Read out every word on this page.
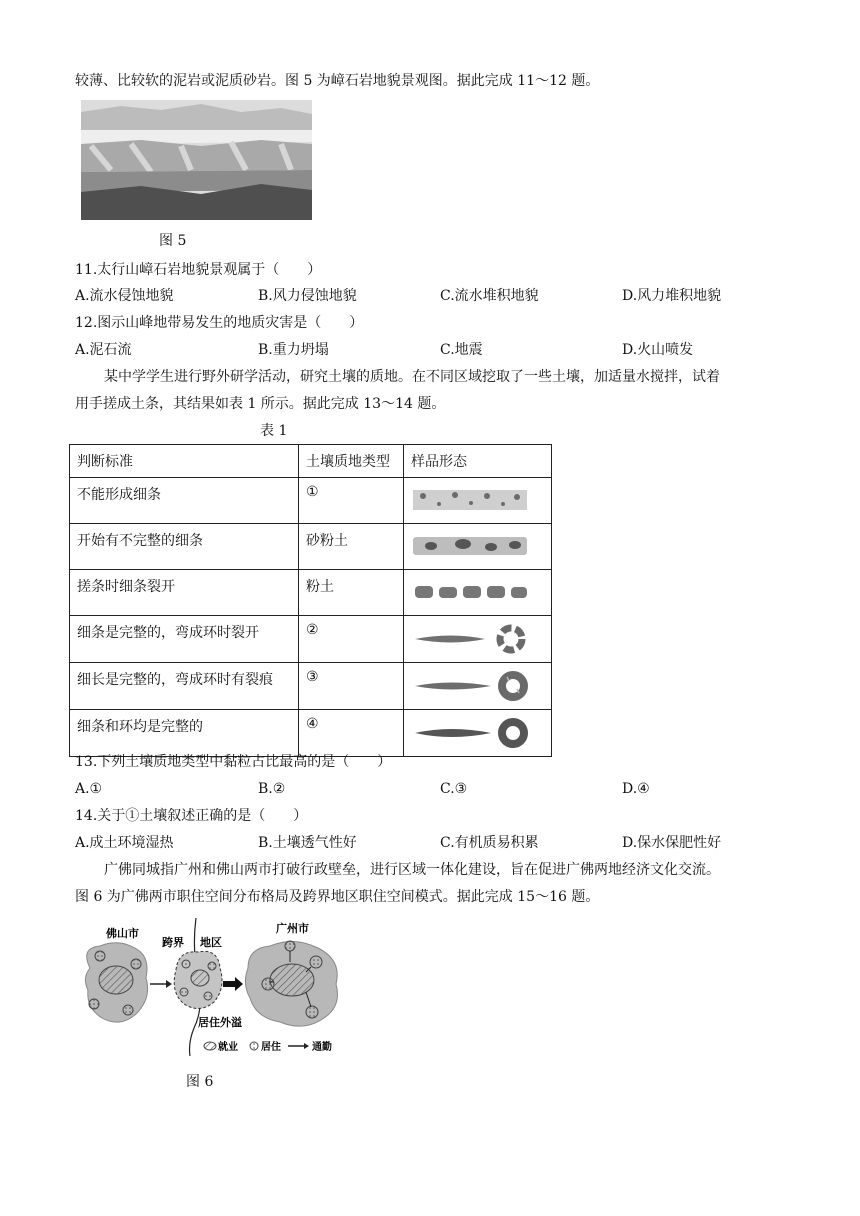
较薄、比较软的泥岩或泥质砂岩。图 5 为嶂石岩地貌景观图。据此完成 11～12 题。
图 5
11.太行山嶂石岩地貌景观属于（　　）
A.流水侵蚀地貌	B.风力侵蚀地貌	C.流水堆积地貌	D.风力堆积地貌
12.图示山峰地带易发生的地质灾害是（　　）
A.泥石流	B.重力坍塌	C.地震	D.火山喷发
某中学学生进行野外研学活动，研究土壤的质地。在不同区域挖取了一些土壤，加适量水搅拌，试着
用手搓成土条，其结果如表 1 所示。据此完成 13～14 题。
表 1
判断标准	土壤质地类型	样品形态
不能形成细条	①	

开始有不完整的细条	砂粉土	

搓条时细条裂开	粉土	

细条是完整的，弯成环时裂开	②	

细长是完整的，弯成环时有裂痕	③	

细条和环均是完整的	④	
13.下列土壤质地类型中黏粒占比最高的是（　　）
A.①	B.②	C.③	D.④
14.关于①土壤叙述正确的是（　　）
A.成土环境湿热	B.土壤透气性好	C.有机质易积累	D.保水保肥性好
广佛同城指广州和佛山两市打破行政壁垒，进行区域一体化建设，旨在促进广佛两地经济文化交流。
图 6 为广佛两市职住空间分布格局及跨界地区职住空间模式。据此完成 15～16 题。
佛山市
跨界 地区
广州市
居住外溢
就业 居住	通勤
图 6
